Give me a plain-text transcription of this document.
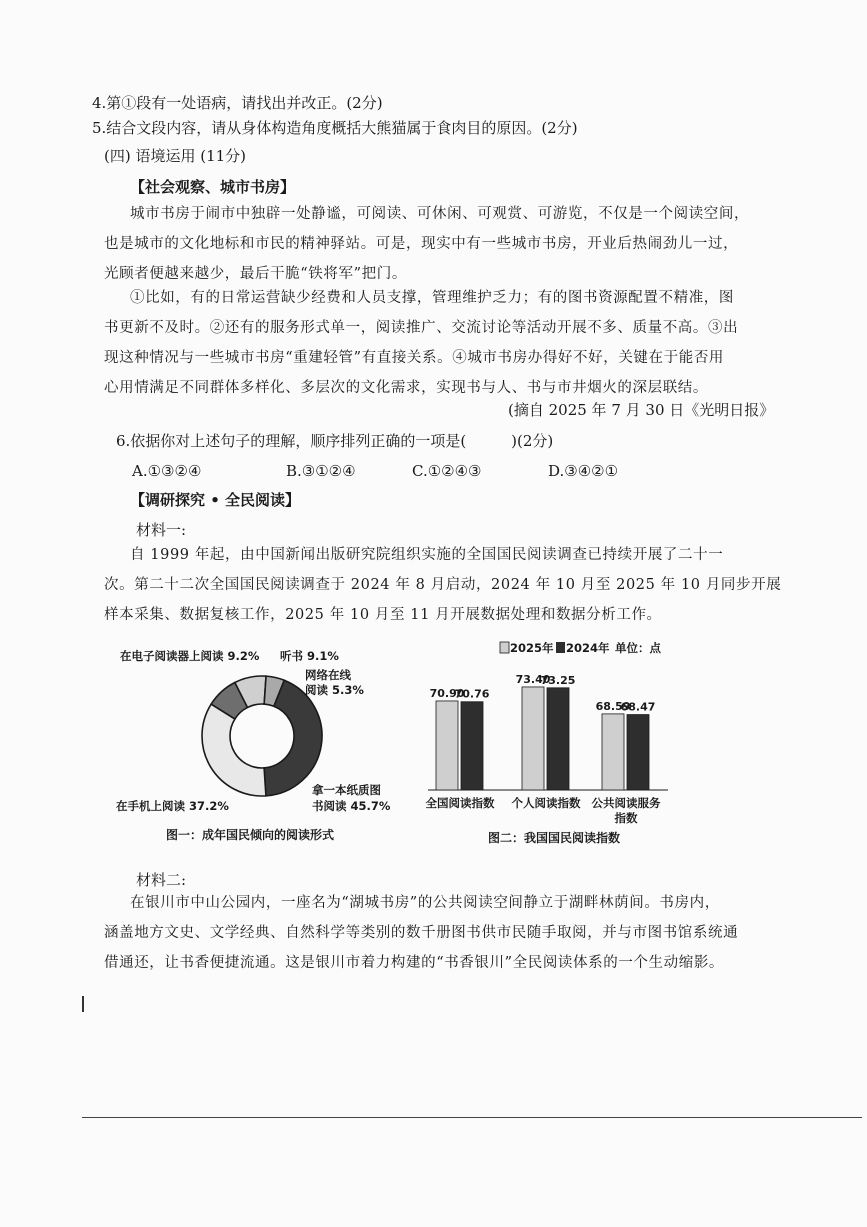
4.第①段有一处语病，请找出并改正。(2分)
5.结合文段内容，请从身体构造角度概括大熊猫属于食肉目的原因。(2分)
(四) 语境运用 (11分)
【社会观察、城市书房】
城市书房于闹市中独辟一处静谧，可阅读、可休闲、可观赏、可游览，不仅是一个阅读空间，
也是城市的文化地标和市民的精神驿站。可是，现实中有一些城市书房，开业后热闹劲儿一过，
光顾者便越来越少，最后干脆“铁将军”把门。
①比如，有的日常运营缺少经费和人员支撑，管理维护乏力；有的图书资源配置不精准，图
书更新不及时。②还有的服务形式单一，阅读推广、交流讨论等活动开展不多、质量不高。③出
现这种情况与一些城市书房“重建轻管”有直接关系。④城市书房办得好不好，关键在于能否用
心用情满足不同群体多样化、多层次的文化需求，实现书与人、书与市井烟火的深层联结。
(摘自 2025 年 7 月 30 日《光明日报》
6.依据你对上述句子的理解，顺序排列正确的一项是(　　　)(2分)
A.①③②④	B.③①②④	C.①②④③	D.③④②①
【调研探究 • 全民阅读】
材料一:
自 1999 年起，由中国新闻出版研究院组织实施的全国国民阅读调查已持续开展了二十一
次。第二十二次全国国民阅读调查于 2024 年 8 月启动，2024 年 10 月至 2025 年 10 月同步开展
样本采集、数据复核工作，2025 年 10 月至 11 月开展数据处理和数据分析工作。
在电子阅读器上阅读 9.2% 听书 9.1%
网络在线
阅读 5.3%
拿一本纸质图
书阅读 45.7%
在手机上阅读 37.2%
图一：成年国民倾向的阅读形式
2025年 2024年 单位：点
70.90
70.76
全国阅读指数
73.40
73.25
个人阅读指数
68.59
68.47
公共阅读服务
指数
图二：我国国民阅读指数
材料二:
在银川市中山公园内，一座名为“湖城书房”的公共阅读空间静立于湖畔林荫间。书房内，
涵盖地方文史、文学经典、自然科学等类别的数千册图书供市民随手取阅，并与市图书馆系统通
借通还，让书香便捷流通。这是银川市着力构建的“书香银川”全民阅读体系的一个生动缩影。
